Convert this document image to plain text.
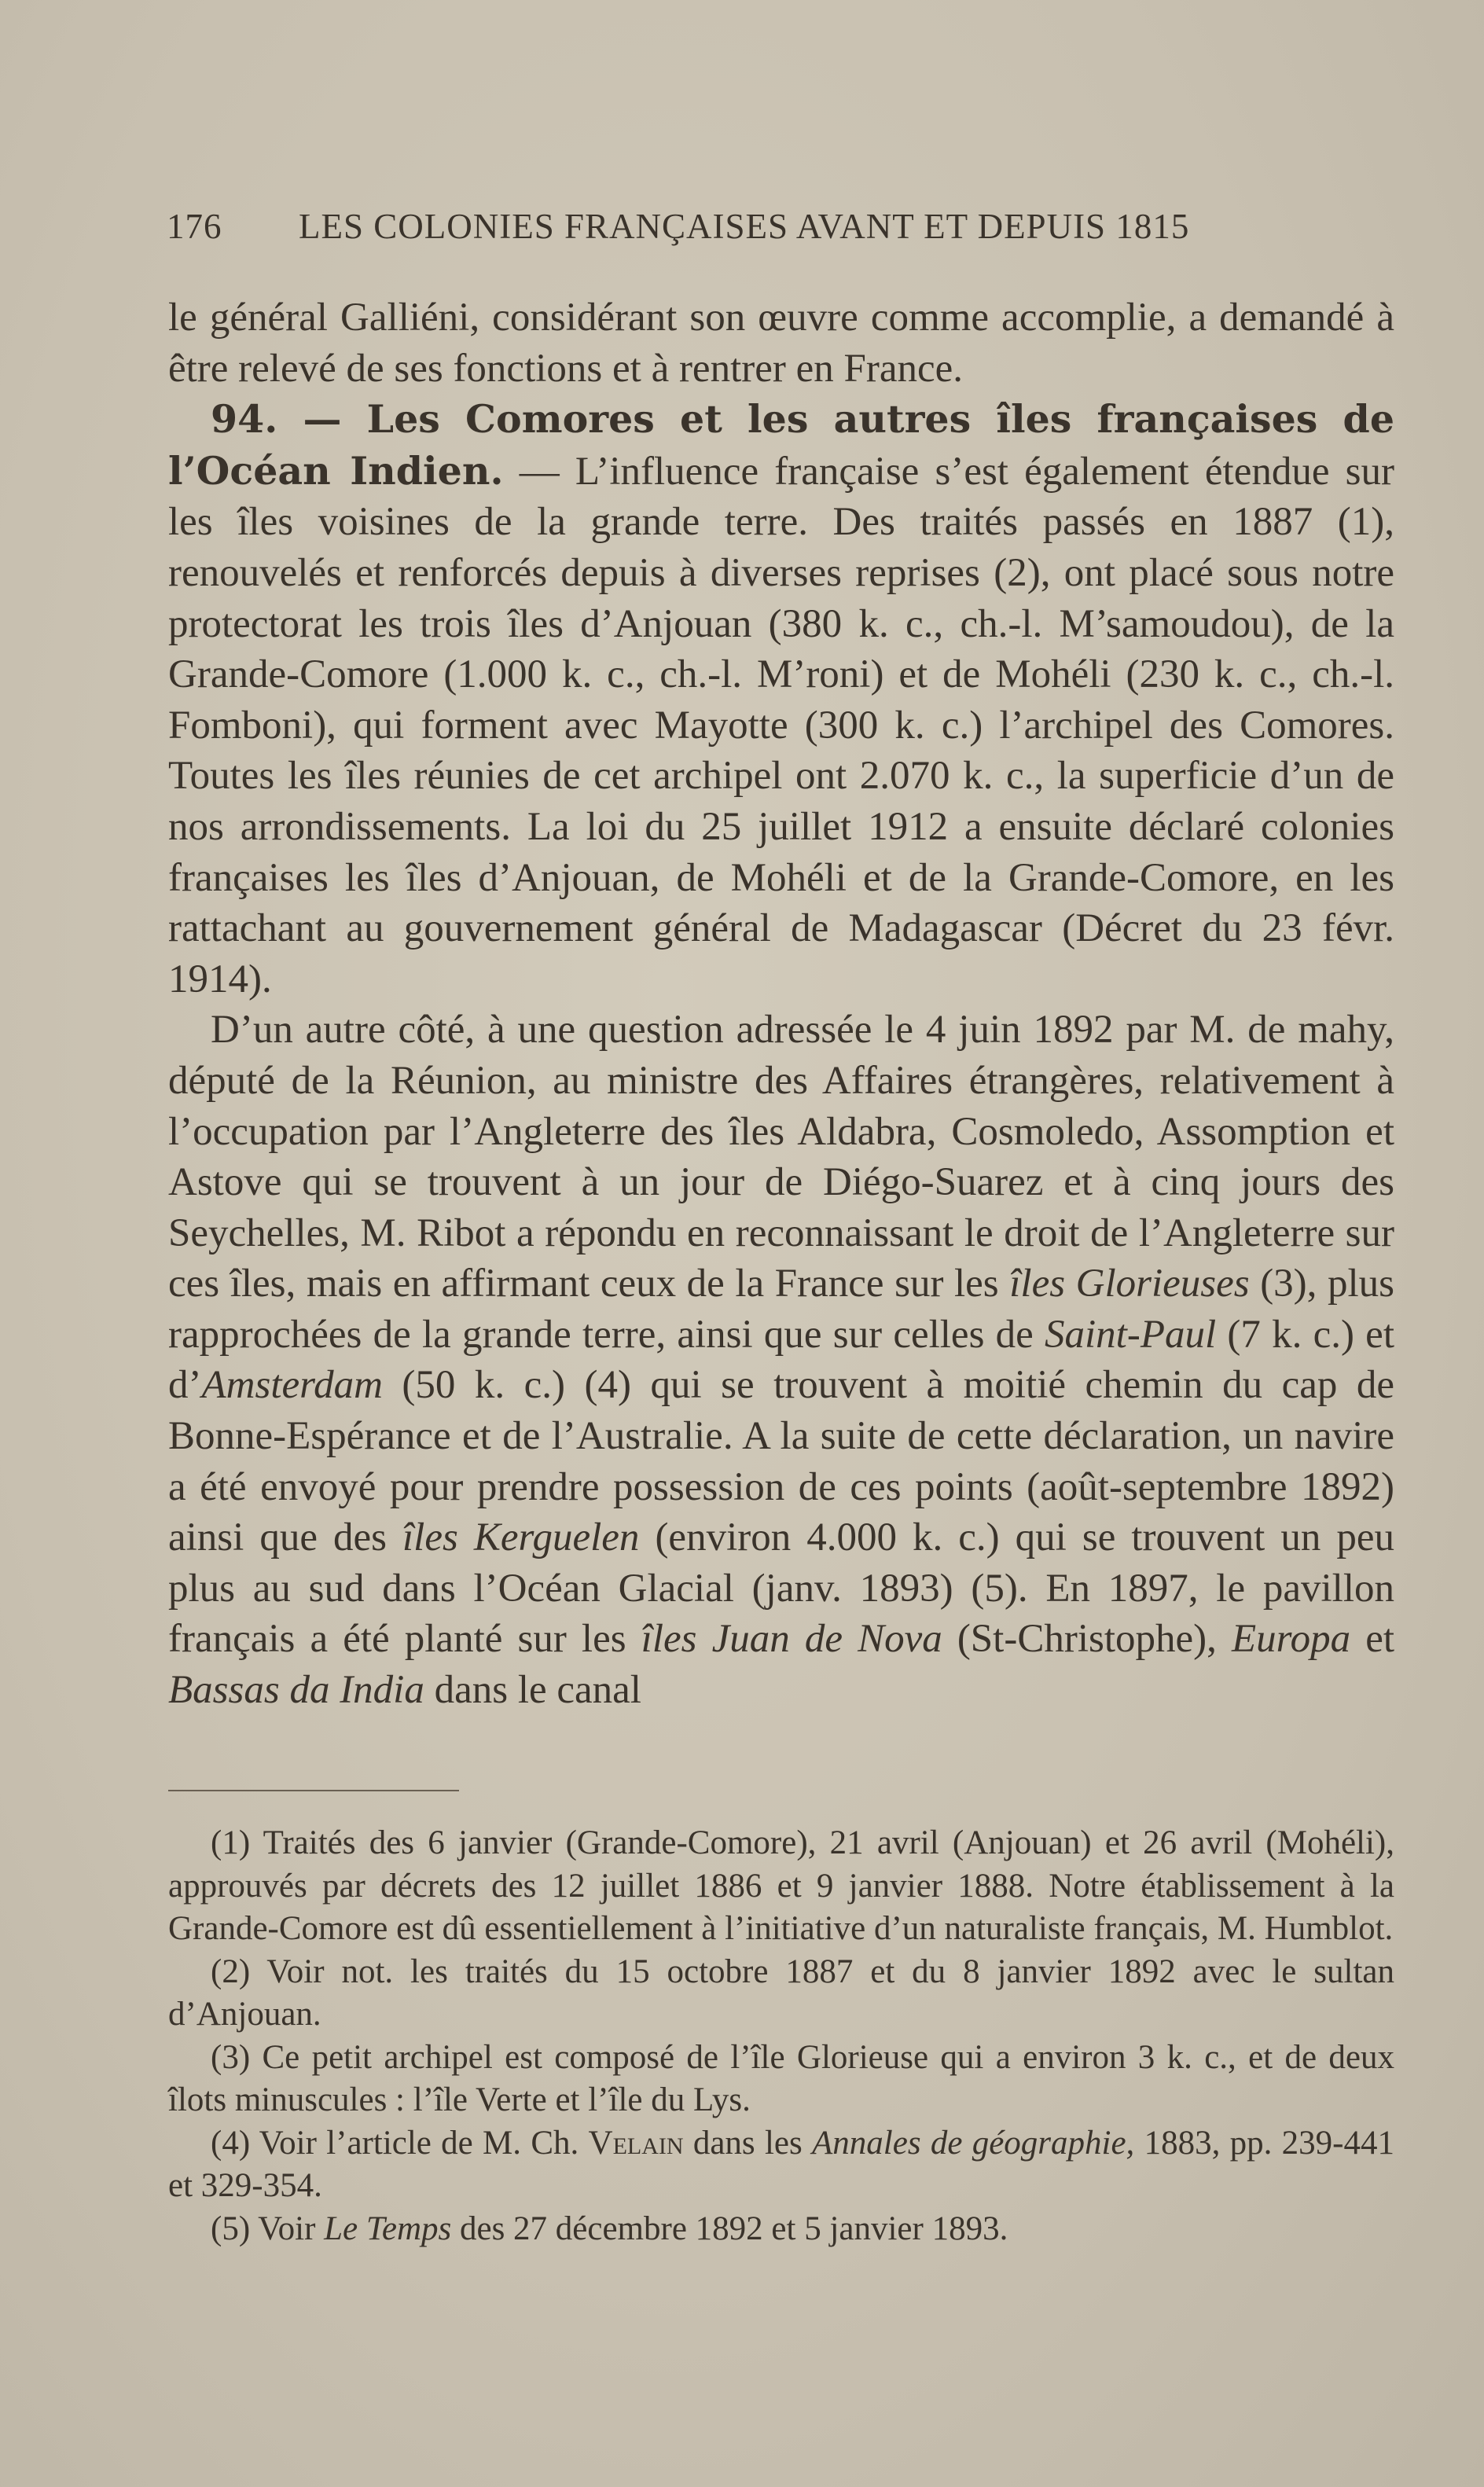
176 LES COLONIES FRANÇAISES AVANT ET DEPUIS 1815

le général Galliéni, considérant son œuvre comme accomplie, a demandé à être relevé de ses fonctions et à rentrer en France.

94. — Les Comores et les autres îles françaises de l’Océan Indien. — L’influence française s’est également étendue sur les îles voisines de la grande terre. Des traités passés en 1887 (1), renouvelés et renforcés depuis à diverses reprises (2), ont placé sous notre protectorat les trois îles d’Anjouan (380 k. c., ch.-l. M’samoudou), de la Grande-Comore (1.000 k. c., ch.-l. M’roni) et de Mohéli (230 k. c., ch.-l. Fomboni), qui forment avec Mayotte (300 k. c.) l’archipel des Comores. Toutes les îles réunies de cet archipel ont 2.070 k. c., la superficie d’un de nos arrondissements. La loi du 25 juillet 1912 a ensuite déclaré colonies françaises les îles d’Anjouan, de Mohéli et de la Grande-Comore, en les rattachant au gouvernement général de Madagascar (Décret du 23 févr. 1914).

D’un autre côté, à une question adressée le 4 juin 1892 par M. de mahy, député de la Réunion, au ministre des Affaires étrangères, relativement à l’occupation par l’Angleterre des îles Aldabra, Cosmoledo, Assomption et Astove qui se trouvent à un jour de Diégo-Suarez et à cinq jours des Seychelles, M. Ribot a répondu en reconnaissant le droit de l’Angleterre sur ces îles, mais en affirmant ceux de la France sur les îles Glorieuses (3), plus rapprochées de la grande terre, ainsi que sur celles de Saint-Paul (7 k. c.) et d’Amsterdam (50 k. c.) (4) qui se trouvent à moitié chemin du cap de Bonne-Espérance et de l’Australie. A la suite de cette déclaration, un navire a été envoyé pour prendre possession de ces points (août-septembre 1892) ainsi que des îles Kerguelen (environ 4.000 k. c.) qui se trouvent un peu plus au sud dans l’Océan Glacial (janv. 1893) (5). En 1897, le pavillon français a été planté sur les îles Juan de Nova (St-Christophe), Europa et Bassas da India dans le canal

(1) Traités des 6 janvier (Grande-Comore), 21 avril (Anjouan) et 26 avril (Mohéli), approuvés par décrets des 12 juillet 1886 et 9 janvier 1888. Notre établissement à la Grande-Comore est dû essentiellement à l’initiative d’un naturaliste français, M. Humblot.

(2) Voir not. les traités du 15 octobre 1887 et du 8 janvier 1892 avec le sultan d’Anjouan.

(3) Ce petit archipel est composé de l’île Glorieuse qui a environ 3 k. c., et de deux îlots minuscules : l’île Verte et l’île du Lys.

(4) Voir l’article de M. Ch. Velain dans les Annales de géographie, 1883, pp. 239-441 et 329-354.

(5) Voir Le Temps des 27 décembre 1892 et 5 janvier 1893.
